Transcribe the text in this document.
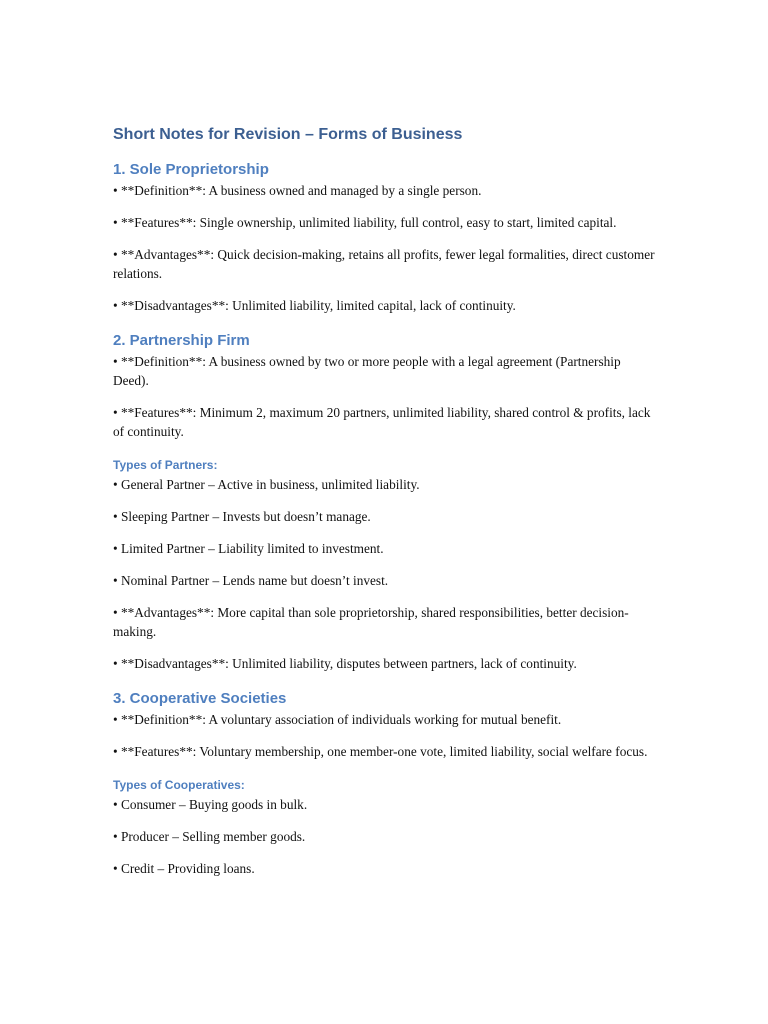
Short Notes for Revision – Forms of Business
1. Sole Proprietorship

• **Definition**: A business owned and managed by a single person.

• **Features**: Single ownership, unlimited liability, full control, easy to start, limited capital.

• **Advantages**: Quick decision-making, retains all profits, fewer legal formalities, direct customer relations.

• **Disadvantages**: Unlimited liability, limited capital, lack of continuity.

2. Partnership Firm

• **Definition**: A business owned by two or more people with a legal agreement (Partnership Deed).

• **Features**: Minimum 2, maximum 20 partners, unlimited liability, shared control & profits, lack of continuity.

Types of Partners:

• General Partner – Active in business, unlimited liability.

• Sleeping Partner – Invests but doesn’t manage.

• Limited Partner – Liability limited to investment.

• Nominal Partner – Lends name but doesn’t invest.

• **Advantages**: More capital than sole proprietorship, shared responsibilities, better decision-making.

• **Disadvantages**: Unlimited liability, disputes between partners, lack of continuity.

3. Cooperative Societies

• **Definition**: A voluntary association of individuals working for mutual benefit.

• **Features**: Voluntary membership, one member-one vote, limited liability, social welfare focus.

Types of Cooperatives:

• Consumer – Buying goods in bulk.

• Producer – Selling member goods.

• Credit – Providing loans.
